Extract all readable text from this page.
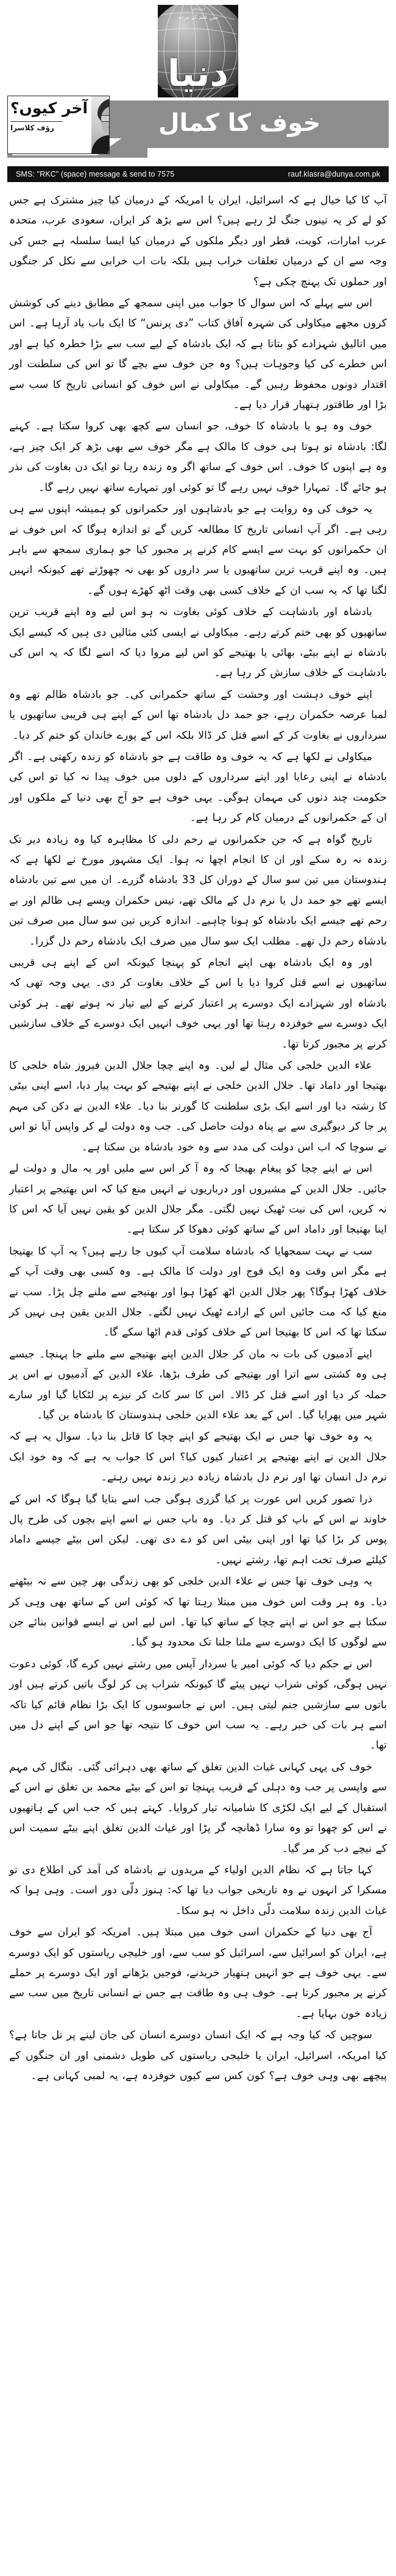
انشاءاللہ
میں علم کے مردہ
دنیا
خوف کا کمال
آخر کیوں؟
رؤف کلاسرا
SMS: "RKC" (space) message & send to 7575	rauf.klasra@dunya.com.pk

آپ کا کیا خیال ہے کہ اسرائیل، ایران یا امریکہ کے درمیان کیا چیز مشترک ہے جس کو لے کر یہ تینوں جنگ لڑ رہے ہیں؟ اس سے بڑھ کر ایران، سعودی عرب، متحدہ عرب امارات، کویت، قطر اور دیگر ملکوں کے درمیان کیا ایسا سلسلہ ہے جس کی وجہ سے ان کے درمیان تعلقات خراب ہیں بلکہ بات اب خرابی سے نکل کر جنگوں اور حملوں تک پہنچ چکی ہے؟

اس سے پہلے کہ اس سوال کا جواب میں اپنی سمجھ کے مطابق دینے کی کوشش کروں مجھے میکاولی کی شہرہ آفاق کتاب ”دی پرنس“ کا ایک باب یاد آرہا ہے۔ اس میں اتالیق شہزادے کو بتاتا ہے کہ ایک بادشاہ کے لیے سب سے بڑا خطرہ کیا ہے اور اس خطرے کی کیا وجوہات ہیں؟ وہ جن خوف سے بچے گا تو اس کی سلطنت اور اقتدار دونوں محفوظ رہیں گے۔ میکاولی نے اس خوف کو انسانی تاریخ کا سب سے بڑا اور طاقتور ہتھیار قرار دیا ہے۔

خوف وہ ہو یا بادشاہ کا خوف، جو انسان سے کچھ بھی کروا سکتا ہے۔ کہنے لگا: بادشاہ تو ہوتا ہی خوف کا مالک ہے مگر خوف سے بھی بڑھ کر ایک چیز ہے، وہ ہے اپنوں کا خوف۔ اس خوف کے ساتھ اگر وہ زندہ رہا تو ایک دن بغاوت کی نذر ہو جائے گا۔ تمہارا خوف نہیں رہے گا تو کوئی اور تمہارے ساتھ نہیں رہے گا۔

یہ خوف کی وہ روایت ہے جو بادشاہوں اور حکمرانوں کو ہمیشہ اپنوں سے ہی رہی ہے۔ اگر آپ انسانی تاریخ کا مطالعہ کریں گے تو اندازہ ہوگا کہ اس خوف نے ان حکمرانوں کو بہت سے ایسے کام کرنے پر مجبور کیا جو ہماری سمجھ سے باہر ہیں۔ وہ اپنے قریب ترین ساتھیوں یا سر داروں کو بھی نہ چھوڑتے تھے کیونکہ انہیں لگتا تھا کہ یہ سب ان کے خلاف کسی بھی وقت اٹھ کھڑے ہوں گے۔

بادشاہ اور بادشاہت کے خلاف کوئی بغاوت نہ ہو اس لیے وہ اپنے قریب ترین ساتھیوں کو بھی ختم کرتے رہے۔ میکاولی نے ایسی کئی مثالیں دی ہیں کہ کیسے ایک بادشاہ نے اپنے بیٹے، بھائی یا بھتیجے کو اس لیے مروا دیا کہ اسے لگا کہ یہ اس کی بادشاہت کے خلاف سازش کر رہا ہے۔

اپنے خوف دہشت اور وحشت کے ساتھ حکمرانی کی۔ جو بادشاہ ظالم تھے وہ لمبا عرصہ حکمران رہے، جو حمد دل بادشاہ تھا اس کے اپنے ہی قریبی ساتھیوں یا سرداروں نے بغاوت کر کے اسے قتل کر ڈالا بلکہ اس کے پورے خاندان کو ختم کر دیا۔

میکاولی نے لکھا ہے کہ یہ خوف وہ طاقت ہے جو بادشاہ کو زندہ رکھتی ہے۔ اگر بادشاہ نے اپنی رعایا اور اپنے سرداروں کے دلوں میں خوف پیدا نہ کیا تو اس کی حکومت چند دنوں کی مہمان ہوگی۔ یہی خوف ہے جو آج بھی دنیا کے ملکوں اور ان کے حکمرانوں کے درمیان کام کر رہا ہے۔

تاریخ گواہ ہے کہ جن حکمرانوں نے رحم دلی کا مظاہرہ کیا وہ زیادہ دیر تک زندہ نہ رہ سکے اور ان کا انجام اچھا نہ ہوا۔ ایک مشہور مورخ نے لکھا ہے کہ ہندوستان میں تین سو سال کے دوران کل 33 بادشاہ گزرے۔ ان میں سے تین بادشاہ ایسے تھے جو حمد دل یا نرم دل کے مالک تھے، تیس حکمران ویسے ہی ظالم اور بے رحم تھے جیسے ایک بادشاہ کو ہونا چاہیے۔ اندازہ کریں تین سو سال میں صرف تین بادشاہ رحم دل تھے۔ مطلب ایک سو سال میں صرف ایک بادشاہ رحم دل گزرا۔

اور وہ ایک بادشاہ بھی اپنے انجام کو پہنچا کیونکہ اس کے اپنے ہی قریبی ساتھیوں نے اسے قتل کروا دیا یا اس کے خلاف بغاوت کر دی۔ یہی وجہ تھی کہ بادشاہ اور شہزادے ایک دوسرے پر اعتبار کرنے کے لیے تیار نہ ہوتے تھے۔ ہر کوئی ایک دوسرے سے خوفزدہ رہتا تھا اور یہی خوف انہیں ایک دوسرے کے خلاف سازشیں کرنے پر مجبور کرتا تھا۔

علاء الدین خلجی کی مثال لے لیں۔ وہ اپنے چچا جلال الدین فیروز شاہ خلجی کا بھتیجا اور داماد تھا۔ جلال الدین خلجی نے اپنے بھتیجے کو بہت پیار دیا، اسے اپنی بیٹی کا رشتہ دیا اور اسے ایک بڑی سلطنت کا گورنر بنا دیا۔ علاء الدین نے دکن کی مہم پر جا کر دیوگیری سے بے پناہ دولت حاصل کی۔ جب وہ دولت لے کر واپس آیا تو اس نے سوچا کہ اب اس دولت کی مدد سے وہ خود بادشاہ بن سکتا ہے۔

اس نے اپنے چچا کو پیغام بھیجا کہ وہ آ کر اس سے ملیں اور یہ مال و دولت لے جائیں۔ جلال الدین کے مشیروں اور درباریوں نے انہیں منع کیا کہ اس بھتیجے پر اعتبار نہ کریں، اس کی نیت ٹھیک نہیں لگتی۔ مگر جلال الدین کو یقین نہیں آیا کہ اس کا اپنا بھتیجا اور داماد اس کے ساتھ کوئی دھوکا کر سکتا ہے۔

سب نے بہت سمجھایا کہ بادشاہ سلامت آپ کیوں جا رہے ہیں؟ یہ آپ کا بھتیجا ہے مگر اس وقت وہ ایک فوج اور دولت کا مالک ہے۔ وہ کسی بھی وقت آپ کے خلاف کھڑا ہوگا؟ پھر جلال الدین اٹھ کھڑا ہوا اور بھتیجے سے ملنے چل پڑا۔ سب نے منع کیا کہ مت جائیں اس کے ارادے ٹھیک نہیں لگتے۔ جلال الدین یقین ہی نہیں کر سکتا تھا کہ اس کا بھتیجا اس کے خلاف کوئی قدم اٹھا سکے گا۔

اپنے آدمیوں کی بات نہ مان کر جلال الدین اپنے بھتیجے سے ملنے جا پہنچا۔ جیسے ہی وہ کشتی سے اترا اور بھتیجے کی طرف بڑھا، علاء الدین کے آدمیوں نے اس پر حملہ کر دیا اور اسے قتل کر ڈالا۔ اس کا سر کاٹ کر نیزے پر لٹکایا گیا اور سارے شہر میں پھرایا گیا۔ اس کے بعد علاء الدین خلجی ہندوستان کا بادشاہ بن گیا۔

یہ وہ خوف تھا جس نے ایک بھتیجے کو اپنے چچا کا قاتل بنا دیا۔ سوال یہ ہے کہ جلال الدین نے اپنے بھتیجے پر اعتبار کیوں کیا؟ اس کا جواب یہ ہے کہ وہ خود ایک نرم دل انسان تھا اور نرم دل بادشاہ زیادہ دیر زندہ نہیں رہتے۔

ذرا تصور کریں اس عورت پر کیا گزری ہوگی جب اسے بتایا گیا ہوگا کہ اس کے خاوند نے اس کے باپ کو قتل کر دیا۔ وہ باپ جس نے اسے اپنے بچوں کی طرح پال پوس کر بڑا کیا تھا اور اپنی بیٹی اس کو دے دی تھی۔ لیکن اس بیٹے جیسے داماد کیلئے صرف تخت اہم تھا، رشتے نہیں۔

یہ وہی خوف تھا جس نے علاء الدین خلجی کو بھی زندگی بھر چین سے نہ بیٹھنے دیا۔ وہ ہر وقت اس خوف میں مبتلا رہتا تھا کہ کوئی اس کے ساتھ بھی وہی کر سکتا ہے جو اس نے اپنے چچا کے ساتھ کیا تھا۔ اس لیے اس نے ایسے قوانین بنائے جن سے لوگوں کا ایک دوسرے سے ملنا جلنا تک محدود ہو گیا۔

اس نے حکم دیا کہ کوئی امیر یا سردار آپس میں رشتے نہیں کرے گا، کوئی دعوت نہیں ہوگی، کوئی شراب نہیں پیئے گا کیونکہ شراب پی کر لوگ باتیں کرتے ہیں اور باتوں سے سازشیں جنم لیتی ہیں۔ اس نے جاسوسوں کا ایک بڑا نظام قائم کیا تاکہ اسے ہر بات کی خبر رہے۔ یہ سب اس خوف کا نتیجہ تھا جو اس کے اپنے دل میں تھا۔

خوف کی یہی کہانی غیاث الدین تغلق کے ساتھ بھی دہرائی گئی۔ بنگال کی مہم سے واپسی پر جب وہ دہلی کے قریب پہنچا تو اس کے بیٹے محمد بن تغلق نے اس کے استقبال کے لیے ایک لکڑی کا شامیانہ تیار کروایا۔ کہتے ہیں کہ جب اس کے ہاتھیوں نے اس کو چھوا تو وہ سارا ڈھانچہ گر پڑا اور غیاث الدین تغلق اپنے بیٹے سمیت اس کے نیچے دب کر مر گیا۔

کہا جاتا ہے کہ نظام الدین اولیاء کے مریدوں نے بادشاہ کی آمد کی اطلاع دی تو مسکرا کر انہوں نے وہ تاریخی جواب دیا تھا کہ: ہنوز دلّی دور است۔ وہی ہوا کہ غیاث الدین زندہ سلامت دلّی داخل نہ ہو سکا۔

آج بھی دنیا کے حکمران اسی خوف میں مبتلا ہیں۔ امریکہ کو ایران سے خوف ہے، ایران کو اسرائیل سے، اسرائیل کو سب سے، اور خلیجی ریاستوں کو ایک دوسرے سے۔ یہی خوف ہے جو انہیں ہتھیار خریدنے، فوجیں بڑھانے اور ایک دوسرے پر حملے کرنے پر مجبور کرتا ہے۔ خوف ہی وہ طاقت ہے جس نے انسانی تاریخ میں سب سے زیادہ خون بہایا ہے۔

سوچیں کہ کیا وجہ ہے کہ ایک انسان دوسرے انسان کی جان لینے پر تل جاتا ہے؟ کیا امریکہ، اسرائیل، ایران یا خلیجی ریاستوں کی طویل دشمنی اور ان جنگوں کے پیچھے بھی وہی خوف ہے؟ کون کس سے کیوں خوفزدہ ہے، یہ لمبی کہانی ہے۔
